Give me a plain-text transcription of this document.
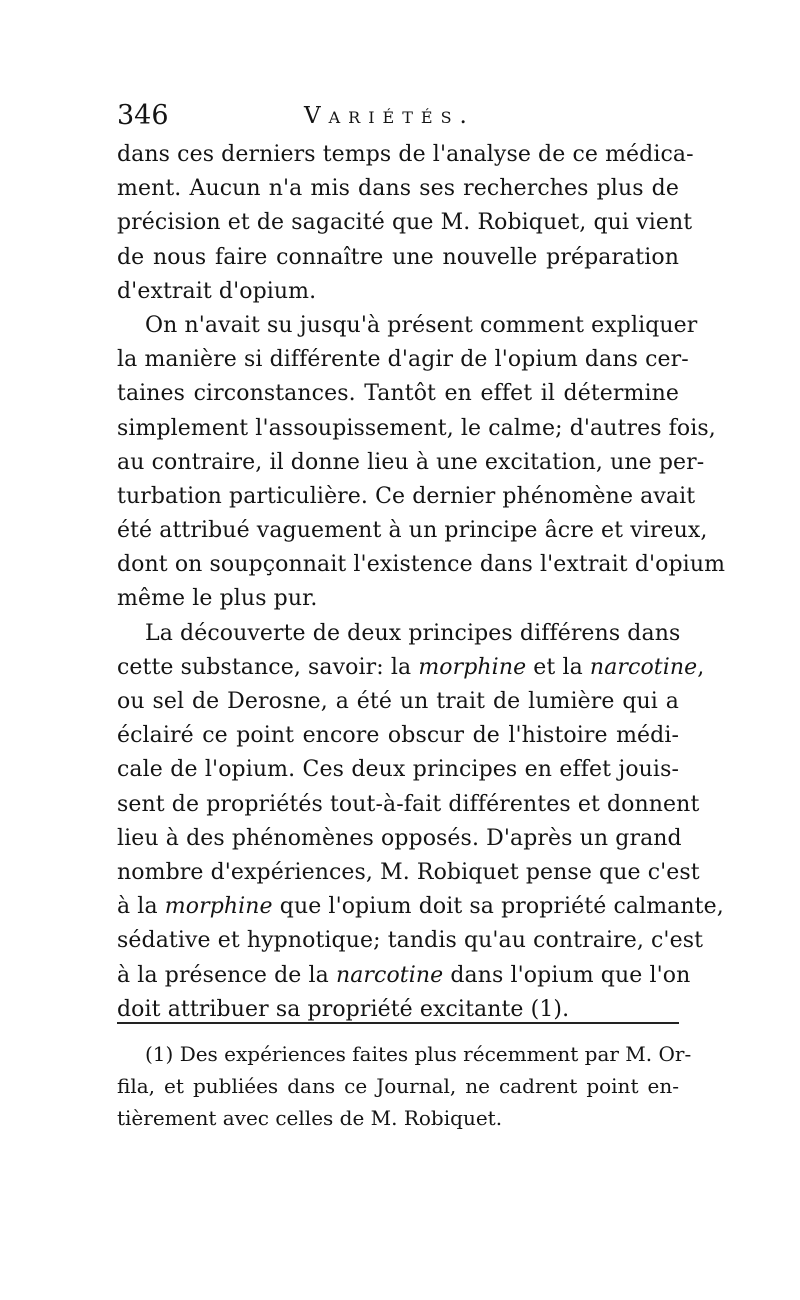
346	Variétés.
dans ces derniers temps de l'analyse de ce médica-
ment. Aucun n'a mis dans ses recherches plus de
précision et de sagacité que M. Robiquet, qui vient
de nous faire connaître une nouvelle préparation
d'extrait d'opium.
On n'avait su jusqu'à présent comment expliquer
la manière si différente d'agir de l'opium dans cer-
taines circonstances. Tantôt en effet il détermine
simplement l'assoupissement, le calme; d'autres fois,
au contraire, il donne lieu à une excitation, une per-
turbation particulière. Ce dernier phénomène avait
été attribué vaguement à un principe âcre et vireux,
dont on soupçonnait l'existence dans l'extrait d'opium
même le plus pur.
La découverte de deux principes différens dans
cette substance, savoir: la morphine et la narcotine,
ou sel de Derosne, a été un trait de lumière qui a
éclairé ce point encore obscur de l'histoire médi-
cale de l'opium. Ces deux principes en effet jouis-
sent de propriétés tout-à-fait différentes et donnent
lieu à des phénomènes opposés. D'après un grand
nombre d'expériences, M. Robiquet pense que c'est
à la morphine que l'opium doit sa propriété calmante,
sédative et hypnotique; tandis qu'au contraire, c'est
à la présence de la narcotine dans l'opium que l'on
doit attribuer sa propriété excitante (1).
(1) Des expériences faites plus récemment par M. Or-
fila, et publiées dans ce Journal, ne cadrent point en-
tièrement avec celles de M. Robiquet.
